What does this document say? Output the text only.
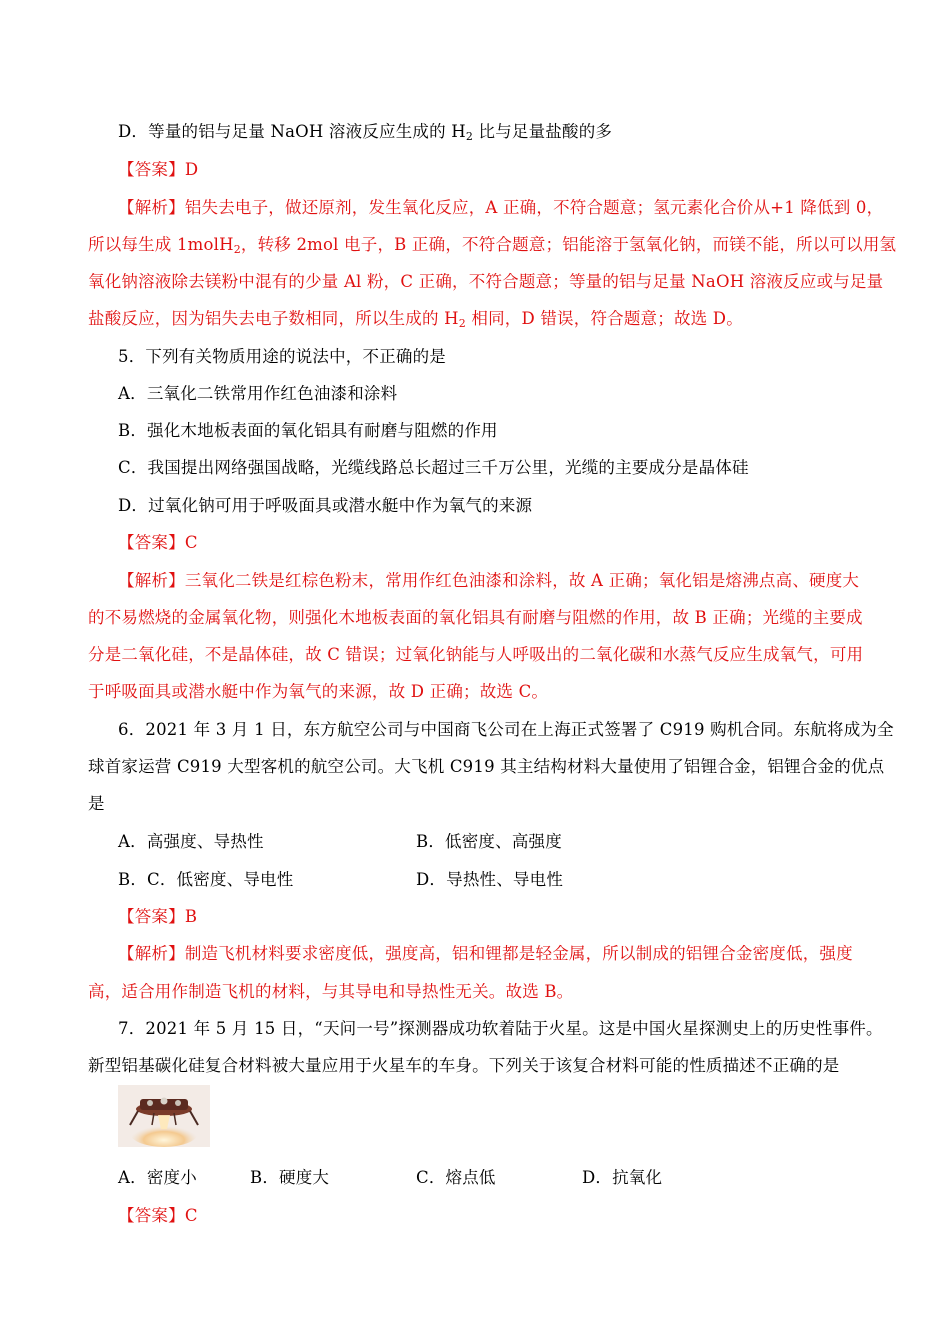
D．等量的铝与足量 NaOH 溶液反应生成的 $H_2$ 比与足量盐酸的多
【答案】D
【解析】铝失去电子，做还原剂，发生氧化反应，A 正确，不符合题意；氢元素化合价从+1 降低到 0，
所以每生成 1molH$_2$，转移 2mol 电子，B 正确，不符合题意；铝能溶于氢氧化钠，而镁不能，所以可以用氢
氧化钠溶液除去镁粉中混有的少量 Al 粉，C 正确，不符合题意；等量的铝与足量 NaOH 溶液反应或与足量
盐酸反应，因为铝失去电子数相同，所以生成的 $H_2$ 相同，D 错误，符合题意；故选 D。
5．下列有关物质用途的说法中，不正确的是
A．三氧化二铁常用作红色油漆和涂料
B．强化木地板表面的氧化铝具有耐磨与阻燃的作用
C．我国提出网络强国战略，光缆线路总长超过三千万公里，光缆的主要成分是晶体硅
D．过氧化钠可用于呼吸面具或潜水艇中作为氧气的来源
【答案】C
【解析】三氧化二铁是红棕色粉末，常用作红色油漆和涂料，故 A 正确；氧化铝是熔沸点高、硬度大
的不易燃烧的金属氧化物，则强化木地板表面的氧化铝具有耐磨与阻燃的作用，故 B 正确；光缆的主要成
分是二氧化硅，不是晶体硅，故 C 错误；过氧化钠能与人呼吸出的二氧化碳和水蒸气反应生成氧气，可用
于呼吸面具或潜水艇中作为氧气的来源，故 D 正确；故选 C。
6．2021 年 3 月 1 日，东方航空公司与中国商飞公司在上海正式签署了 C919 购机合同。东航将成为全
球首家运营 C919 大型客机的航空公司。大飞机 C919 其主结构材料大量使用了铝锂合金，铝锂合金的优点
是
A．高强度、导热性	B．低密度、高强度
B．C．低密度、导电性	D．导热性、导电性
【答案】B
【解析】制造飞机材料要求密度低，强度高，铝和锂都是轻金属，所以制成的铝锂合金密度低，强度
高，适合用作制造飞机的材料，与其导电和导热性无关。故选 B。
7．2021 年 5 月 15 日，“天问一号”探测器成功软着陆于火星。这是中国火星探测史上的历史性事件。
新型铝基碳化硅复合材料被大量应用于火星车的车身。下列关于该复合材料可能的性质描述不正确的是
A．密度小	B．硬度大	C．熔点低	D．抗氧化
【答案】C
